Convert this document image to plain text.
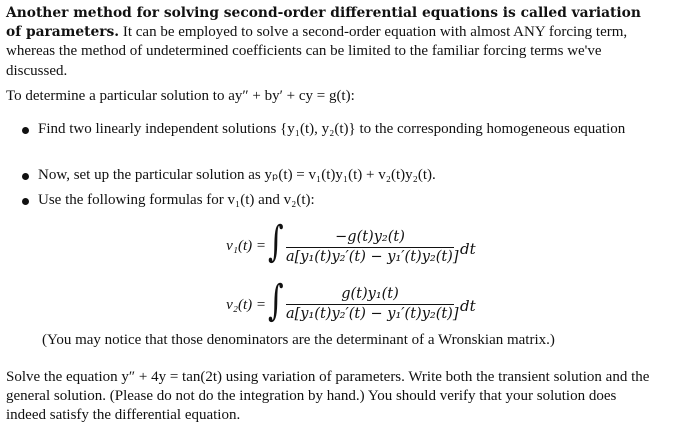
Another method for solving second-order differential equations is called variation of parameters. It can be employed to solve a second-order equation with almost ANY forcing term, whereas the method of undetermined coefficients can be limited to the familiar forcing terms we've discussed.
To determine a particular solution to ay″ + by′ + cy = g(t):
Find two linearly independent solutions {y₁(t), y₂(t)} to the corresponding homogeneous equation
Now, set up the particular solution as yₚ(t) = v₁(t)y₁(t) + v₂(t)y₂(t).
Use the following formulas for v₁(t) and v₂(t):
v₁(t) = ∫	−g(t)y₂(t)
a[y₁(t)y₂′(t) − y₁′(t)y₂(t)] dt
v₂(t) = ∫	g(t)y₁(t)
a[y₁(t)y₂′(t) − y₁′(t)y₂(t)] dt
(You may notice that those denominators are the determinant of a Wronskian matrix.)
Solve the equation y″ + 4y = tan(2t) using variation of parameters. Write both the transient solution and the general solution. (Please do not do the integration by hand.) You should verify that your solution does indeed satisfy the differential equation.
